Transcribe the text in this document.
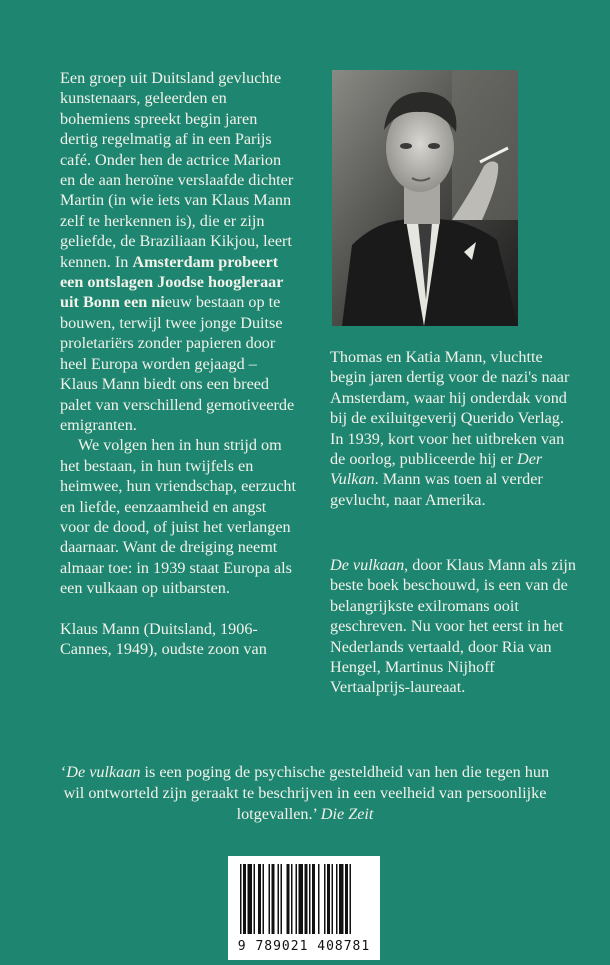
Een groep uit Duitsland gevluchte kunstenaars, geleerden en bohemiens spreekt begin jaren dertig regelmatig af in een Parijs café. Onder hen de actrice Marion en de aan heroïne verslaafde dichter Martin (in wie iets van Klaus Mann zelf te herkennen is), die er zijn geliefde, de Braziliaan Kikjou, leert kennen. In Amsterdam probeert een ontslagen Joodse hoogleraar uit Bonn een nieuw bestaan op te bouwen, terwijl twee jonge Duitse proletariërs zonder papieren door heel Europa worden gejaagd – Klaus Mann biedt ons een breed palet van verschillend gemotiveerde emigranten.

We volgen hen in hun strijd om het bestaan, in hun twijfels en heimwee, hun vriendschap, eerzucht en liefde, eenzaamheid en angst voor de dood, of juist het verlangen daarnaar. Want de dreiging neemt almaar toe: in 1939 staat Europa als een vulkaan op uitbarsten.

Klaus Mann (Duitsland, 1906-Cannes, 1949), oudste zoon van

Thomas en Katia Mann, vluchtte begin jaren dertig voor de nazi's naar Amsterdam, waar hij onderdak vond bij de exiluitgeverij Querido Verlag. In 1939, kort voor het uitbreken van de oorlog, publiceerde hij er Der Vulkan. Mann was toen al verder gevlucht, naar Amerika.

De vulkaan, door Klaus Mann als zijn beste boek beschouwd, is een van de belangrijkste exilromans ooit geschreven. Nu voor het eerst in het Nederlands vertaald, door Ria van Hengel, Martinus Nijhoff Vertaalprijs-laureaat.

‘De vulkaan is een poging de psychische gesteldheid van hen die tegen hun wil ontworteld zijn geraakt te beschrijven in een veelheid van persoonlijke lotgevallen.’ Die Zeit
9 789021 408781
